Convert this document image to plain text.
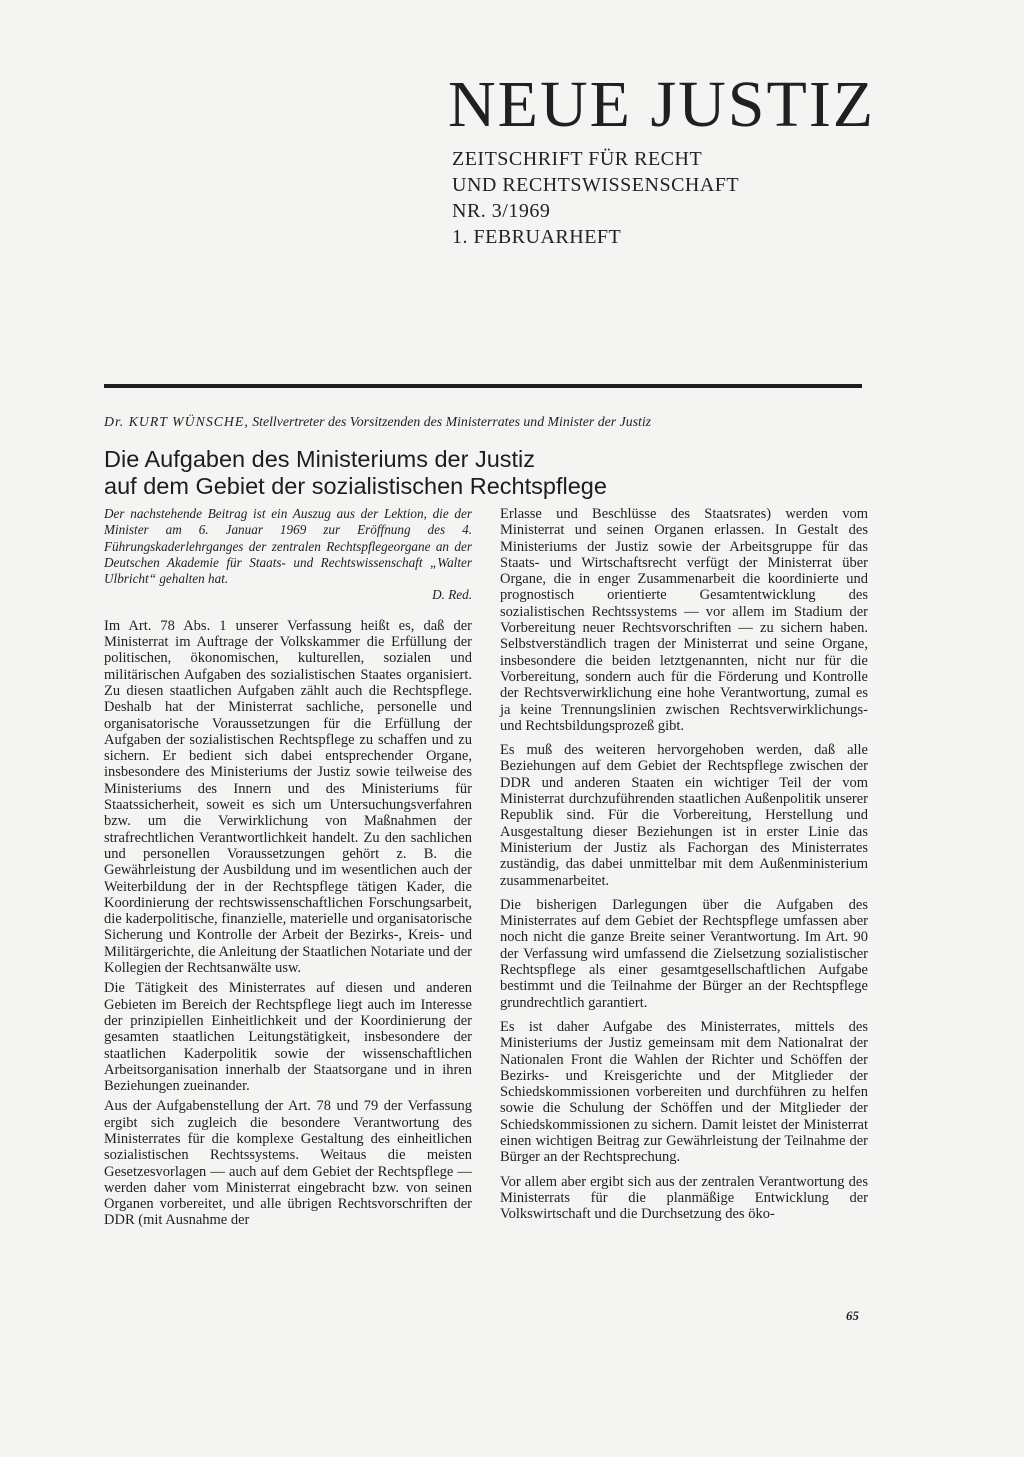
NEUE JUSTIZ
ZEITSCHRIFT FÜR RECHT
UND RECHTSWISSENSCHAFT
NR. 3/1969
1. FEBRUARHEFT
Dr. KURT WÜNSCHE, Stellvertreter des Vorsitzenden des Ministerrates und Minister der Justiz
Die Aufgaben des Ministeriums der Justiz
auf dem Gebiet der sozialistischen Rechtspflege

Der nachstehende Beitrag ist ein Auszug aus der Lektion, die der Minister am 6. Januar 1969 zur Eröffnung des 4. Führungskaderlehrganges der zentralen Rechtspflegeorgane an der Deutschen Akademie für Staats- und Rechtswissenschaft „Walter Ulbricht“ gehalten hat.

D. Red.

Im Art. 78 Abs. 1 unserer Verfassung heißt es, daß der Ministerrat im Auftrage der Volkskammer die Erfüllung der politischen, ökonomischen, kulturellen, sozialen und militärischen Aufgaben des sozialistischen Staates organisiert. Zu diesen staatlichen Aufgaben zählt auch die Rechtspflege. Deshalb hat der Ministerrat sachliche, personelle und organisatorische Voraussetzungen für die Erfüllung der Aufgaben der sozialistischen Rechtspflege zu schaffen und zu sichern. Er bedient sich dabei entsprechender Organe, insbesondere des Ministeriums der Justiz sowie teilweise des Ministeriums des Innern und des Ministeriums für Staatssicherheit, soweit es sich um Untersuchungsverfahren bzw. um die Verwirklichung von Maßnahmen der strafrechtlichen Verantwortlichkeit handelt. Zu den sachlichen und personellen Voraussetzungen gehört z. B. die Gewährleistung der Ausbildung und im wesentlichen auch der Weiterbildung der in der Rechtspflege tätigen Kader, die Koordinierung der rechtswissenschaftlichen Forschungsarbeit, die kaderpolitische, finanzielle, materielle und organisatorische Sicherung und Kontrolle der Arbeit der Bezirks-, Kreis- und Militärgerichte, die Anleitung der Staatlichen Notariate und der Kollegien der Rechtsanwälte usw.

Die Tätigkeit des Ministerrates auf diesen und anderen Gebieten im Bereich der Rechtspflege liegt auch im Interesse der prinzipiellen Einheitlichkeit und der Koordinierung der gesamten staatlichen Leitungstätigkeit, insbesondere der staatlichen Kaderpolitik sowie der wissenschaftlichen Arbeitsorganisation innerhalb der Staatsorgane und in ihren Beziehungen zueinander.

Aus der Aufgabenstellung der Art. 78 und 79 der Verfassung ergibt sich zugleich die besondere Verantwortung des Ministerrates für die komplexe Gestaltung des einheitlichen sozialistischen Rechtssystems. Weitaus die meisten Gesetzesvorlagen — auch auf dem Gebiet der Rechtspflege — werden daher vom Ministerrat eingebracht bzw. von seinen Organen vorbereitet, und alle übrigen Rechtsvorschriften der DDR (mit Ausnahme der

Erlasse und Beschlüsse des Staatsrates) werden vom Ministerrat und seinen Organen erlassen. In Gestalt des Ministeriums der Justiz sowie der Arbeitsgruppe für das Staats- und Wirtschaftsrecht verfügt der Ministerrat über Organe, die in enger Zusammenarbeit die koordinierte und prognostisch orientierte Gesamtentwicklung des sozialistischen Rechtssystems — vor allem im Stadium der Vorbereitung neuer Rechtsvorschriften — zu sichern haben. Selbstverständlich tragen der Ministerrat und seine Organe, insbesondere die beiden letztgenannten, nicht nur für die Vorbereitung, sondern auch für die Förderung und Kontrolle der Rechtsverwirklichung eine hohe Verantwortung, zumal es ja keine Trennungslinien zwischen Rechtsverwirklichungs- und Rechtsbildungsprozeß gibt.

Es muß des weiteren hervorgehoben werden, daß alle Beziehungen auf dem Gebiet der Rechtspflege zwischen der DDR und anderen Staaten ein wichtiger Teil der vom Ministerrat durchzuführenden staatlichen Außenpolitik unserer Republik sind. Für die Vorbereitung, Herstellung und Ausgestaltung dieser Beziehungen ist in erster Linie das Ministerium der Justiz als Fachorgan des Ministerrates zuständig, das dabei unmittelbar mit dem Außenministerium zusammenarbeitet.

Die bisherigen Darlegungen über die Aufgaben des Ministerrates auf dem Gebiet der Rechtspflege umfassen aber noch nicht die ganze Breite seiner Verantwortung. Im Art. 90 der Verfassung wird umfassend die Zielsetzung sozialistischer Rechtspflege als einer gesamtgesellschaftlichen Aufgabe bestimmt und die Teilnahme der Bürger an der Rechtspflege grundrechtlich garantiert.

Es ist daher Aufgabe des Ministerrates, mittels des Ministeriums der Justiz gemeinsam mit dem Nationalrat der Nationalen Front die Wahlen der Richter und Schöffen der Bezirks- und Kreisgerichte und der Mitglieder der Schiedskommissionen vorbereiten und durchführen zu helfen sowie die Schulung der Schöffen und der Mitglieder der Schiedskommissionen zu sichern. Damit leistet der Ministerrat einen wichtigen Beitrag zur Gewährleistung der Teilnahme der Bürger an der Rechtsprechung.

Vor allem aber ergibt sich aus der zentralen Verantwortung des Ministerrats für die planmäßige Entwicklung der Volkswirtschaft und die Durchsetzung des öko-

65
